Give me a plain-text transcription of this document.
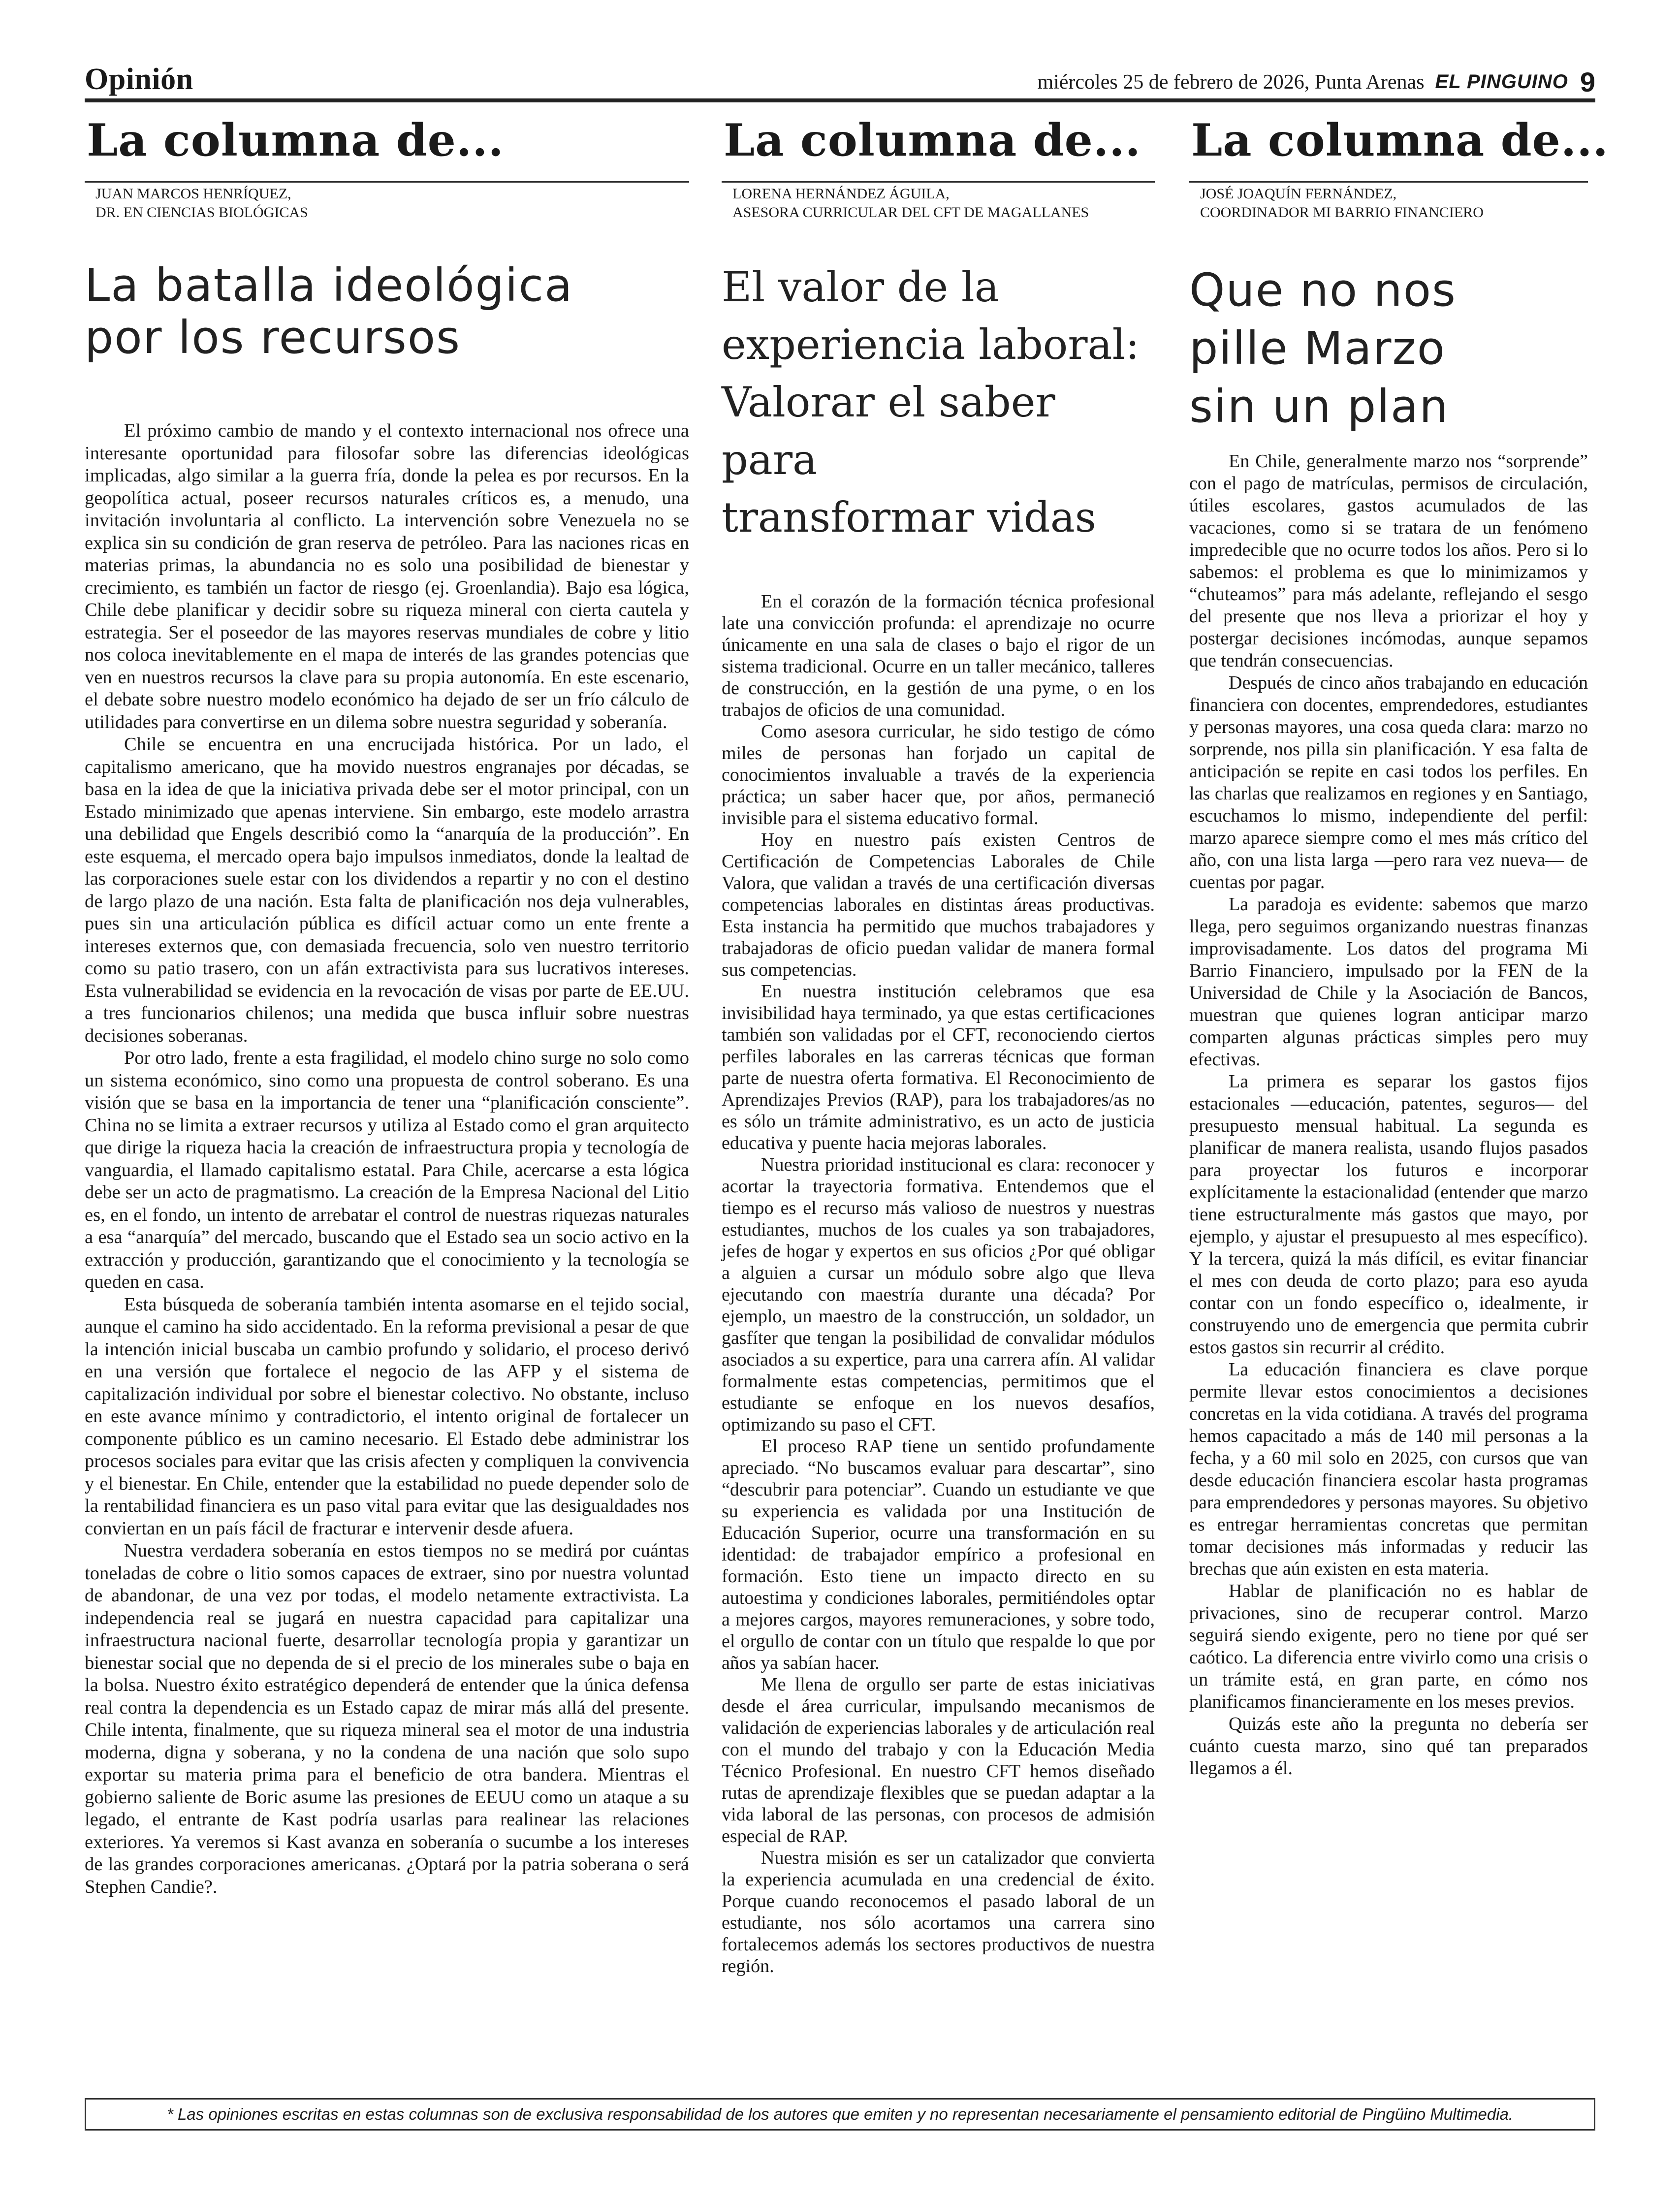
Opinión	miércoles 25 de febrero de 2026, Punta Arenas EL PINGUINO 9
La columna de...
JUAN MARCOS HENRÍQUEZ,
DR. EN CIENCIAS BIOLÓGICAS
La batalla ideológica
por los recursos

El próximo cambio de mando y el contexto internacional nos ofrece una interesante oportunidad para filosofar sobre las diferencias ideológicas implicadas, algo similar a la guerra fría, donde la pelea es por recursos. En la geopolítica actual, poseer recursos naturales críticos es, a menudo, una invitación involuntaria al conflicto. La intervención sobre Venezuela no se explica sin su condición de gran reserva de petróleo. Para las naciones ricas en materias primas, la abundancia no es solo una posibilidad de bienestar y crecimiento, es también un factor de riesgo (ej. Groenlandia). Bajo esa lógica, Chile debe planificar y decidir sobre su riqueza mineral con cierta cautela y estrategia. Ser el poseedor de las mayores reservas mundiales de cobre y litio nos coloca inevitablemente en el mapa de interés de las grandes potencias que ven en nuestros recursos la clave para su propia autonomía. En este escenario, el debate sobre nuestro modelo económico ha dejado de ser un frío cálculo de utilidades para convertirse en un dilema sobre nuestra seguridad y soberanía.

Chile se encuentra en una encrucijada histórica. Por un lado, el capitalismo americano, que ha movido nuestros engranajes por décadas, se basa en la idea de que la iniciativa privada debe ser el motor principal, con un Estado minimizado que apenas interviene. Sin embargo, este modelo arrastra una debilidad que Engels describió como la “anarquía de la producción”. En este esquema, el mercado opera bajo impulsos inmediatos, donde la lealtad de las corporaciones suele estar con los dividendos a repartir y no con el destino de largo plazo de una nación. Esta falta de planificación nos deja vulnerables, pues sin una articulación pública es difícil actuar como un ente frente a intereses externos que, con demasiada frecuencia, solo ven nuestro territorio como su patio trasero, con un afán extractivista para sus lucrativos intereses. Esta vulnerabilidad se evidencia en la revocación de visas por parte de EE.UU. a tres funcionarios chilenos; una medida que busca influir sobre nuestras decisiones soberanas.

Por otro lado, frente a esta fragilidad, el modelo chino surge no solo como un sistema económico, sino como una propuesta de control soberano. Es una visión que se basa en la importancia de tener una “planificación consciente”. China no se limita a extraer recursos y utiliza al Estado como el gran arquitecto que dirige la riqueza hacia la creación de infraestructura propia y tecnología de vanguardia, el llamado capitalismo estatal. Para Chile, acercarse a esta lógica debe ser un acto de pragmatismo. La creación de la Empresa Nacional del Litio es, en el fondo, un intento de arrebatar el control de nuestras riquezas naturales a esa “anarquía” del mercado, buscando que el Estado sea un socio activo en la extracción y producción, garantizando que el conocimiento y la tecnología se queden en casa.

Esta búsqueda de soberanía también intenta asomarse en el tejido social, aunque el camino ha sido accidentado. En la reforma previsional a pesar de que la intención inicial buscaba un cambio profundo y solidario, el proceso derivó en una versión que fortalece el negocio de las AFP y el sistema de capitalización individual por sobre el bienestar colectivo. No obstante, incluso en este avance mínimo y contradictorio, el intento original de fortalecer un componente público es un camino necesario. El Estado debe administrar los procesos sociales para evitar que las crisis afecten y compliquen la convivencia y el bienestar. En Chile, entender que la estabilidad no puede depender solo de la rentabilidad financiera es un paso vital para evitar que las desigualdades nos conviertan en un país fácil de fracturar e intervenir desde afuera.

Nuestra verdadera soberanía en estos tiempos no se medirá por cuántas toneladas de cobre o litio somos capaces de extraer, sino por nuestra voluntad de abandonar, de una vez por todas, el modelo netamente extractivista. La independencia real se jugará en nuestra capacidad para capitalizar una infraestructura nacional fuerte, desarrollar tecnología propia y garantizar un bienestar social que no dependa de si el precio de los minerales sube o baja en la bolsa. Nuestro éxito estratégico dependerá de entender que la única defensa real contra la dependencia es un Estado capaz de mirar más allá del presente. Chile intenta, finalmente, que su riqueza mineral sea el motor de una industria moderna, digna y soberana, y no la condena de una nación que solo supo exportar su materia prima para el beneficio de otra bandera. Mientras el gobierno saliente de Boric asume las presiones de EEUU como un ataque a su legado, el entrante de Kast podría usarlas para realinear las relaciones exteriores. Ya veremos si Kast avanza en soberanía o sucumbe a los intereses de las grandes corporaciones americanas. ¿Optará por la patria soberana o será Stephen Candie?.

La columna de...
LORENA HERNÁNDEZ ÁGUILA,
ASESORA CURRICULAR DEL CFT DE MAGALLANES
El valor de la
experiencia laboral:
Valorar el saber para
transformar vidas

En el corazón de la formación técnica profesional late una convicción profunda: el aprendizaje no ocurre únicamente en una sala de clases o bajo el rigor de un sistema tradicional. Ocurre en un taller mecánico, talleres de construcción, en la gestión de una pyme, o en los trabajos de oficios de una comunidad.

Como asesora curricular, he sido testigo de cómo miles de personas han forjado un capital de conocimientos invaluable a través de la experiencia práctica; un saber hacer que, por años, permaneció invisible para el sistema educativo formal.

Hoy en nuestro país existen Centros de Certificación de Competencias Laborales de Chile Valora, que validan a través de una certificación diversas competencias laborales en distintas áreas productivas. Esta instancia ha permitido que muchos trabajadores y trabajadoras de oficio puedan validar de manera formal sus competencias.

En nuestra institución celebramos que esa invisibilidad haya terminado, ya que estas certificaciones también son validadas por el CFT, reconociendo ciertos perfiles laborales en las carreras técnicas que forman parte de nuestra oferta formativa. El Reconocimiento de Aprendizajes Previos (RAP), para los trabajadores/as no es sólo un trámite administrativo, es un acto de justicia educativa y puente hacia mejoras laborales.

Nuestra prioridad institucional es clara: reconocer y acortar la trayectoria formativa. Entendemos que el tiempo es el recurso más valioso de nuestros y nuestras estudiantes, muchos de los cuales ya son trabajadores, jefes de hogar y expertos en sus oficios ¿Por qué obligar a alguien a cursar un módulo sobre algo que lleva ejecutando con maestría durante una década? Por ejemplo, un maestro de la construcción, un soldador, un gasfíter que tengan la posibilidad de convalidar módulos asociados a su expertice, para una carrera afín. Al validar formalmente estas competencias, permitimos que el estudiante se enfoque en los nuevos desafíos, optimizando su paso el CFT.

El proceso RAP tiene un sentido profundamente apreciado. “No buscamos evaluar para descartar”, sino “descubrir para potenciar”. Cuando un estudiante ve que su experiencia es validada por una Institución de Educación Superior, ocurre una transformación en su identidad: de trabajador empírico a profesional en formación. Esto tiene un impacto directo en su autoestima y condiciones laborales, permitiéndoles optar a mejores cargos, mayores remuneraciones, y sobre todo, el orgullo de contar con un título que respalde lo que por años ya sabían hacer.

Me llena de orgullo ser parte de estas iniciativas desde el área curricular, impulsando mecanismos de validación de experiencias laborales y de articulación real con el mundo del trabajo y con la Educación Media Técnico Profesional. En nuestro CFT hemos diseñado rutas de aprendizaje flexibles que se puedan adaptar a la vida laboral de las personas, con procesos de admisión especial de RAP.

Nuestra misión es ser un catalizador que convierta la experiencia acumulada en una credencial de éxito. Porque cuando reconocemos el pasado laboral de un estudiante, nos sólo acortamos una carrera sino fortalecemos además los sectores productivos de nuestra región.

La columna de...
JOSÉ JOAQUÍN FERNÁNDEZ,
COORDINADOR MI BARRIO FINANCIERO
Que no nos
pille Marzo
sin un plan

En Chile, generalmente marzo nos “sorprende” con el pago de matrículas, permisos de circulación, útiles escolares, gastos acumulados de las vacaciones, como si se tratara de un fenómeno impredecible que no ocurre todos los años. Pero si lo sabemos: el problema es que lo minimizamos y “chuteamos” para más adelante, reflejando el sesgo del presente que nos lleva a priorizar el hoy y postergar decisiones incómodas, aunque sepamos que tendrán consecuencias.

Después de cinco años trabajando en educación financiera con docentes, emprendedores, estudiantes y personas mayores, una cosa queda clara: marzo no sorprende, nos pilla sin planificación. Y esa falta de anticipación se repite en casi todos los perfiles. En las charlas que realizamos en regiones y en Santiago, escuchamos lo mismo, independiente del perfil: marzo aparece siempre como el mes más crítico del año, con una lista larga —pero rara vez nueva— de cuentas por pagar.

La paradoja es evidente: sabemos que marzo llega, pero seguimos organizando nuestras finanzas improvisadamente. Los datos del programa Mi Barrio Financiero, impulsado por la FEN de la Universidad de Chile y la Asociación de Bancos, muestran que quienes logran anticipar marzo comparten algunas prácticas simples pero muy efectivas.

La primera es separar los gastos fijos estacionales —educación, patentes, seguros— del presupuesto mensual habitual. La segunda es planificar de manera realista, usando flujos pasados para proyectar los futuros e incorporar explícitamente la estacionalidad (entender que marzo tiene estructuralmente más gastos que mayo, por ejemplo, y ajustar el presupuesto al mes específico). Y la tercera, quizá la más difícil, es evitar financiar el mes con deuda de corto plazo; para eso ayuda contar con un fondo específico o, idealmente, ir construyendo uno de emergencia que permita cubrir estos gastos sin recurrir al crédito.

La educación financiera es clave porque permite llevar estos conocimientos a decisiones concretas en la vida cotidiana. A través del programa hemos capacitado a más de 140 mil personas a la fecha, y a 60 mil solo en 2025, con cursos que van desde educación financiera escolar hasta programas para emprendedores y personas mayores. Su objetivo es entregar herramientas concretas que permitan tomar decisiones más informadas y reducir las brechas que aún existen en esta materia.

Hablar de planificación no es hablar de privaciones, sino de recuperar control. Marzo seguirá siendo exigente, pero no tiene por qué ser caótico. La diferencia entre vivirlo como una crisis o un trámite está, en gran parte, en cómo nos planificamos financieramente en los meses previos.

Quizás este año la pregunta no debería ser cuánto cuesta marzo, sino qué tan preparados llegamos a él.

* Las opiniones escritas en estas columnas son de exclusiva responsabilidad de los autores que emiten y no representan necesariamente el pensamiento editorial de Pingüino Multimedia.
